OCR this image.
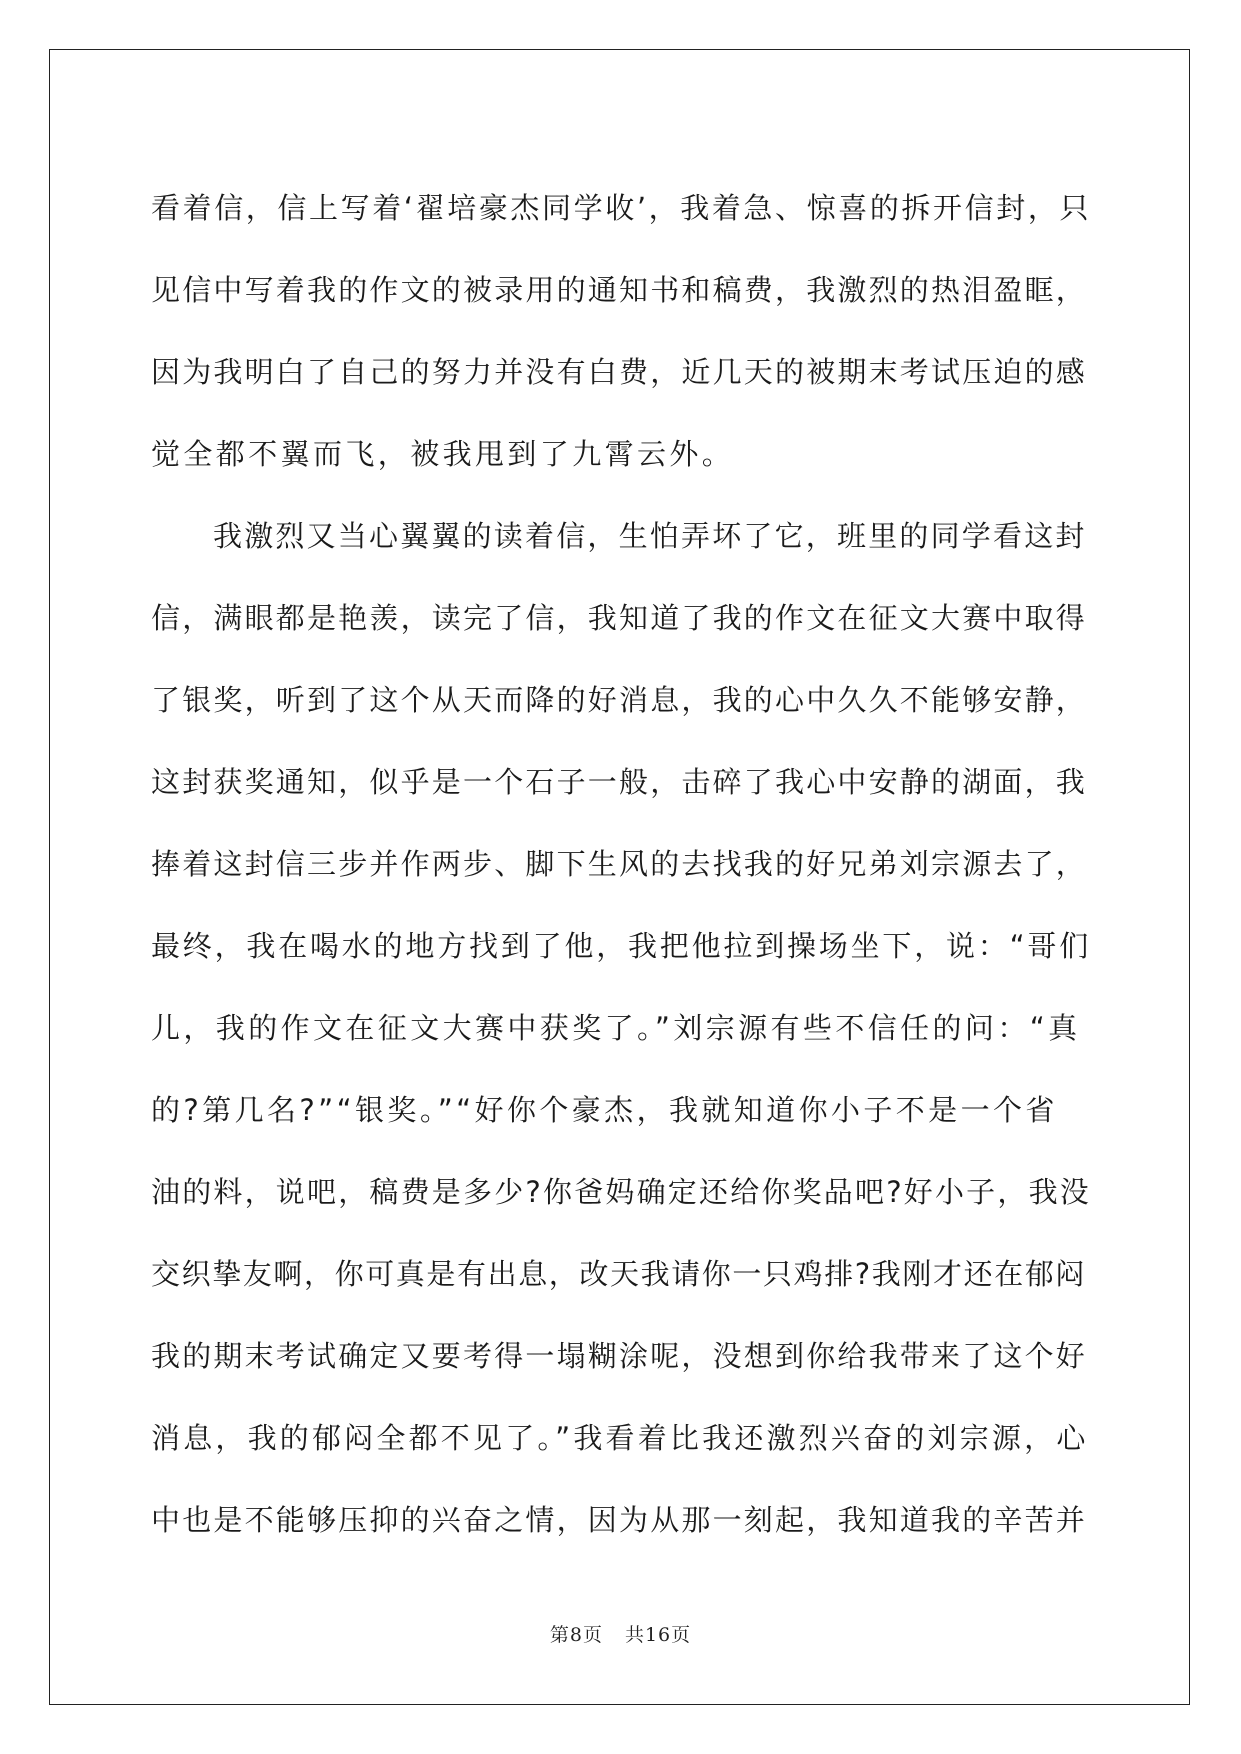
看着信，信上写着‘翟培豪杰同学收’，我着急、惊喜的拆开信封，只
见信中写着我的作文的被录用的通知书和稿费，我激烈的热泪盈眶，
因为我明白了自己的努力并没有白费，近几天的被期末考试压迫的感
觉全都不翼而飞，被我甩到了九霄云外。
我激烈又当心翼翼的读着信，生怕弄坏了它，班里的同学看这封
信，满眼都是艳羡，读完了信，我知道了我的作文在征文大赛中取得
了银奖，听到了这个从天而降的好消息，我的心中久久不能够安静，
这封获奖通知，似乎是一个石子一般，击碎了我心中安静的湖面，我
捧着这封信三步并作两步、脚下生风的去找我的好兄弟刘宗源去了，
最终，我在喝水的地方找到了他，我把他拉到操场坐下，说：“哥们
儿，我的作文在征文大赛中获奖了。”刘宗源有些不信任的问：“真
的?第几名?”“银奖。”“好你个豪杰，我就知道你小子不是一个省
油的料，说吧，稿费是多少?你爸妈确定还给你奖品吧?好小子，我没
交织挚友啊，你可真是有出息，改天我请你一只鸡排?我刚才还在郁闷
我的期末考试确定又要考得一塌糊涂呢，没想到你给我带来了这个好
消息，我的郁闷全都不见了。”我看着比我还激烈兴奋的刘宗源，心
中也是不能够压抑的兴奋之情，因为从那一刻起，我知道我的辛苦并
第8页 共16页
